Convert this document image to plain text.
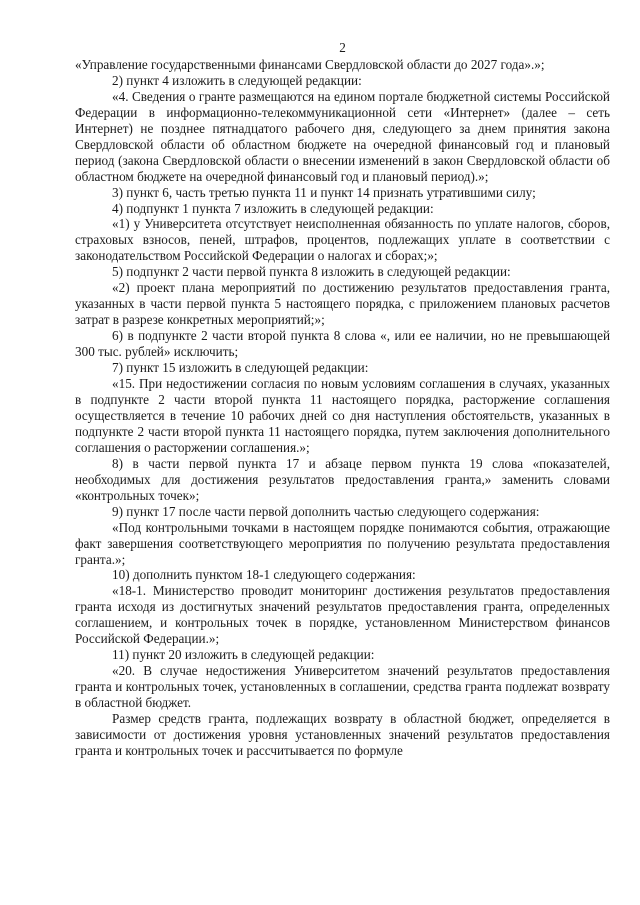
2

«Управление государственными финансами Свердловской области до 2027 года».»;

2) пункт 4 изложить в следующей редакции:

«4. Сведения о гранте размещаются на едином портале бюджетной системы Российской Федерации в информационно-телекоммуникационной сети «Интернет» (далее – сеть Интернет) не позднее пятнадцатого рабочего дня, следующего за днем принятия закона Свердловской области об областном бюджете на очередной финансовый год и плановый период (закона Свердловской области о внесении изменений в закон Свердловской области об областном бюджете на очередной финансовый год и плановый период).»;

3) пункт 6, часть третью пункта 11 и пункт 14 признать утратившими силу;

4) подпункт 1 пункта 7 изложить в следующей редакции:

«1) у Университета отсутствует неисполненная обязанность по уплате налогов, сборов, страховых взносов, пеней, штрафов, процентов, подлежащих уплате в соответствии с законодательством Российской Федерации о налогах и сборах;»;

5) подпункт 2 части первой пункта 8 изложить в следующей редакции:

«2) проект плана мероприятий по достижению результатов предоставления гранта, указанных в части первой пункта 5 настоящего порядка, с приложением плановых расчетов затрат в разрезе конкретных мероприятий;»;

6) в подпункте 2 части второй пункта 8 слова «, или ее наличии, но не превышающей 300 тыс. рублей» исключить;

7) пункт 15 изложить в следующей редакции:

«15. При недостижении согласия по новым условиям соглашения в случаях, указанных в подпункте 2 части второй пункта 11 настоящего порядка, расторжение соглашения осуществляется в течение 10 рабочих дней со дня наступления обстоятельств, указанных в подпункте 2 части второй пункта 11 настоящего порядка, путем заключения дополнительного соглашения о расторжении соглашения.»;

8) в части первой пункта 17 и абзаце первом пункта 19 слова «показателей, необходимых для достижения результатов предоставления гранта,» заменить словами «контрольных точек»;

9) пункт 17 после части первой дополнить частью следующего содержания:

«Под контрольными точками в настоящем порядке понимаются события, отражающие факт завершения соответствующего мероприятия по получению результата предоставления гранта.»;

10) дополнить пунктом 18-1 следующего содержания:

«18-1. Министерство проводит мониторинг достижения результатов предоставления гранта исходя из достигнутых значений результатов предоставления гранта, определенных соглашением, и контрольных точек в порядке, установленном Министерством финансов Российской Федерации.»;

11) пункт 20 изложить в следующей редакции:

«20. В случае недостижения Университетом значений результатов предоставления гранта и контрольных точек, установленных в соглашении, средства гранта подлежат возврату в областной бюджет.

Размер средств гранта, подлежащих возврату в областной бюджет, определяется в зависимости от достижения уровня установленных значений результатов предоставления гранта и контрольных точек и рассчитывается по формуле
